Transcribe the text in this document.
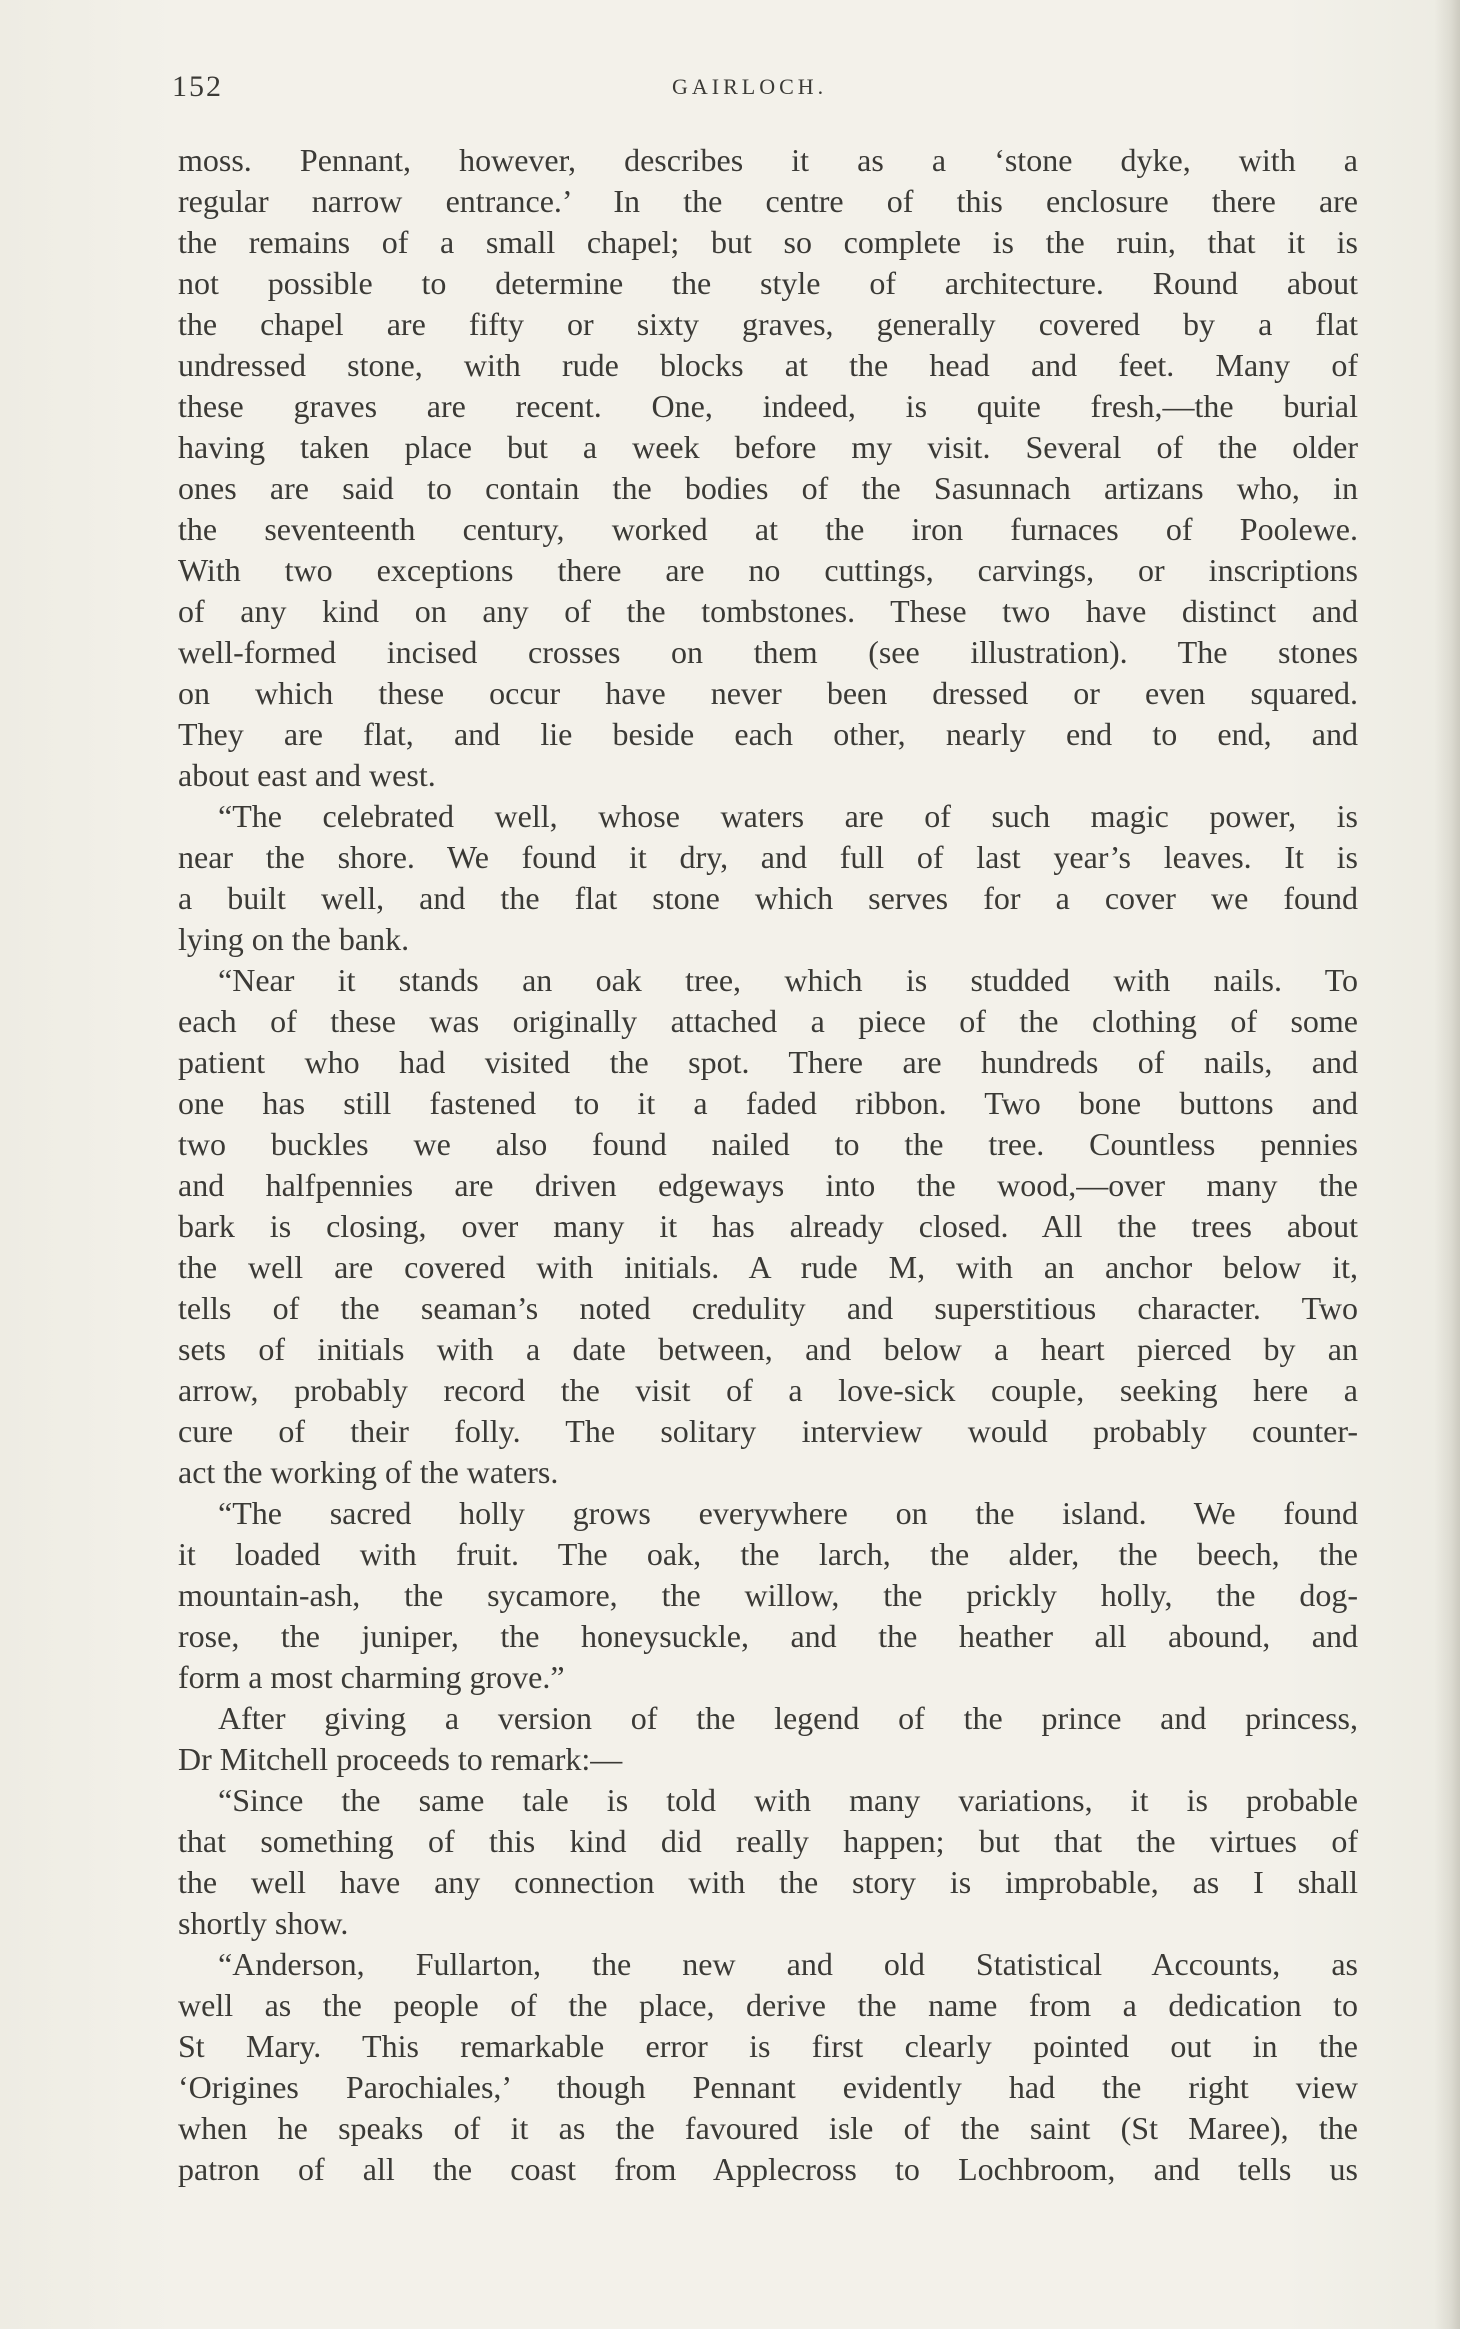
152	GAIRLOCH.
moss. Pennant, however, describes it as a ‘stone dyke, with a
regular narrow entrance.’ In the centre of this enclosure there are
the remains of a small chapel; but so complete is the ruin, that it is
not possible to determine the style of architecture. Round about
the chapel are fifty or sixty graves, generally covered by a flat
undressed stone, with rude blocks at the head and feet. Many of
these graves are recent. One, indeed, is quite fresh,—the burial
having taken place but a week before my visit. Several of the older
ones are said to contain the bodies of the Sasunnach artizans who, in
the seventeenth century, worked at the iron furnaces of Poolewe.
With two exceptions there are no cuttings, carvings, or inscriptions
of any kind on any of the tombstones. These two have distinct and
well-formed incised crosses on them (see illustration). The stones
on which these occur have never been dressed or even squared.
They are flat, and lie beside each other, nearly end to end, and
about east and west.
“The celebrated well, whose waters are of such magic power, is
near the shore. We found it dry, and full of last year’s leaves. It is
a built well, and the flat stone which serves for a cover we found
lying on the bank.
“Near it stands an oak tree, which is studded with nails. To
each of these was originally attached a piece of the clothing of some
patient who had visited the spot. There are hundreds of nails, and
one has still fastened to it a faded ribbon. Two bone buttons and
two buckles we also found nailed to the tree. Countless pennies
and halfpennies are driven edgeways into the wood,—over many the
bark is closing, over many it has already closed. All the trees about
the well are covered with initials. A rude M, with an anchor below it,
tells of the seaman’s noted credulity and superstitious character. Two
sets of initials with a date between, and below a heart pierced by an
arrow, probably record the visit of a love-sick couple, seeking here a
cure of their folly. The solitary interview would probably counter-
act the working of the waters.
“The sacred holly grows everywhere on the island. We found
it loaded with fruit. The oak, the larch, the alder, the beech, the
mountain-ash, the sycamore, the willow, the prickly holly, the dog-
rose, the juniper, the honeysuckle, and the heather all abound, and
form a most charming grove.”
After giving a version of the legend of the prince and princess,
Dr Mitchell proceeds to remark:—
“Since the same tale is told with many variations, it is probable
that something of this kind did really happen; but that the virtues of
the well have any connection with the story is improbable, as I shall
shortly show.
“Anderson, Fullarton, the new and old Statistical Accounts, as
well as the people of the place, derive the name from a dedication to
St Mary. This remarkable error is first clearly pointed out in the
‘Origines Parochiales,’ though Pennant evidently had the right view
when he speaks of it as the favoured isle of the saint (St Maree), the
patron of all the coast from Applecross to Lochbroom, and tells us
